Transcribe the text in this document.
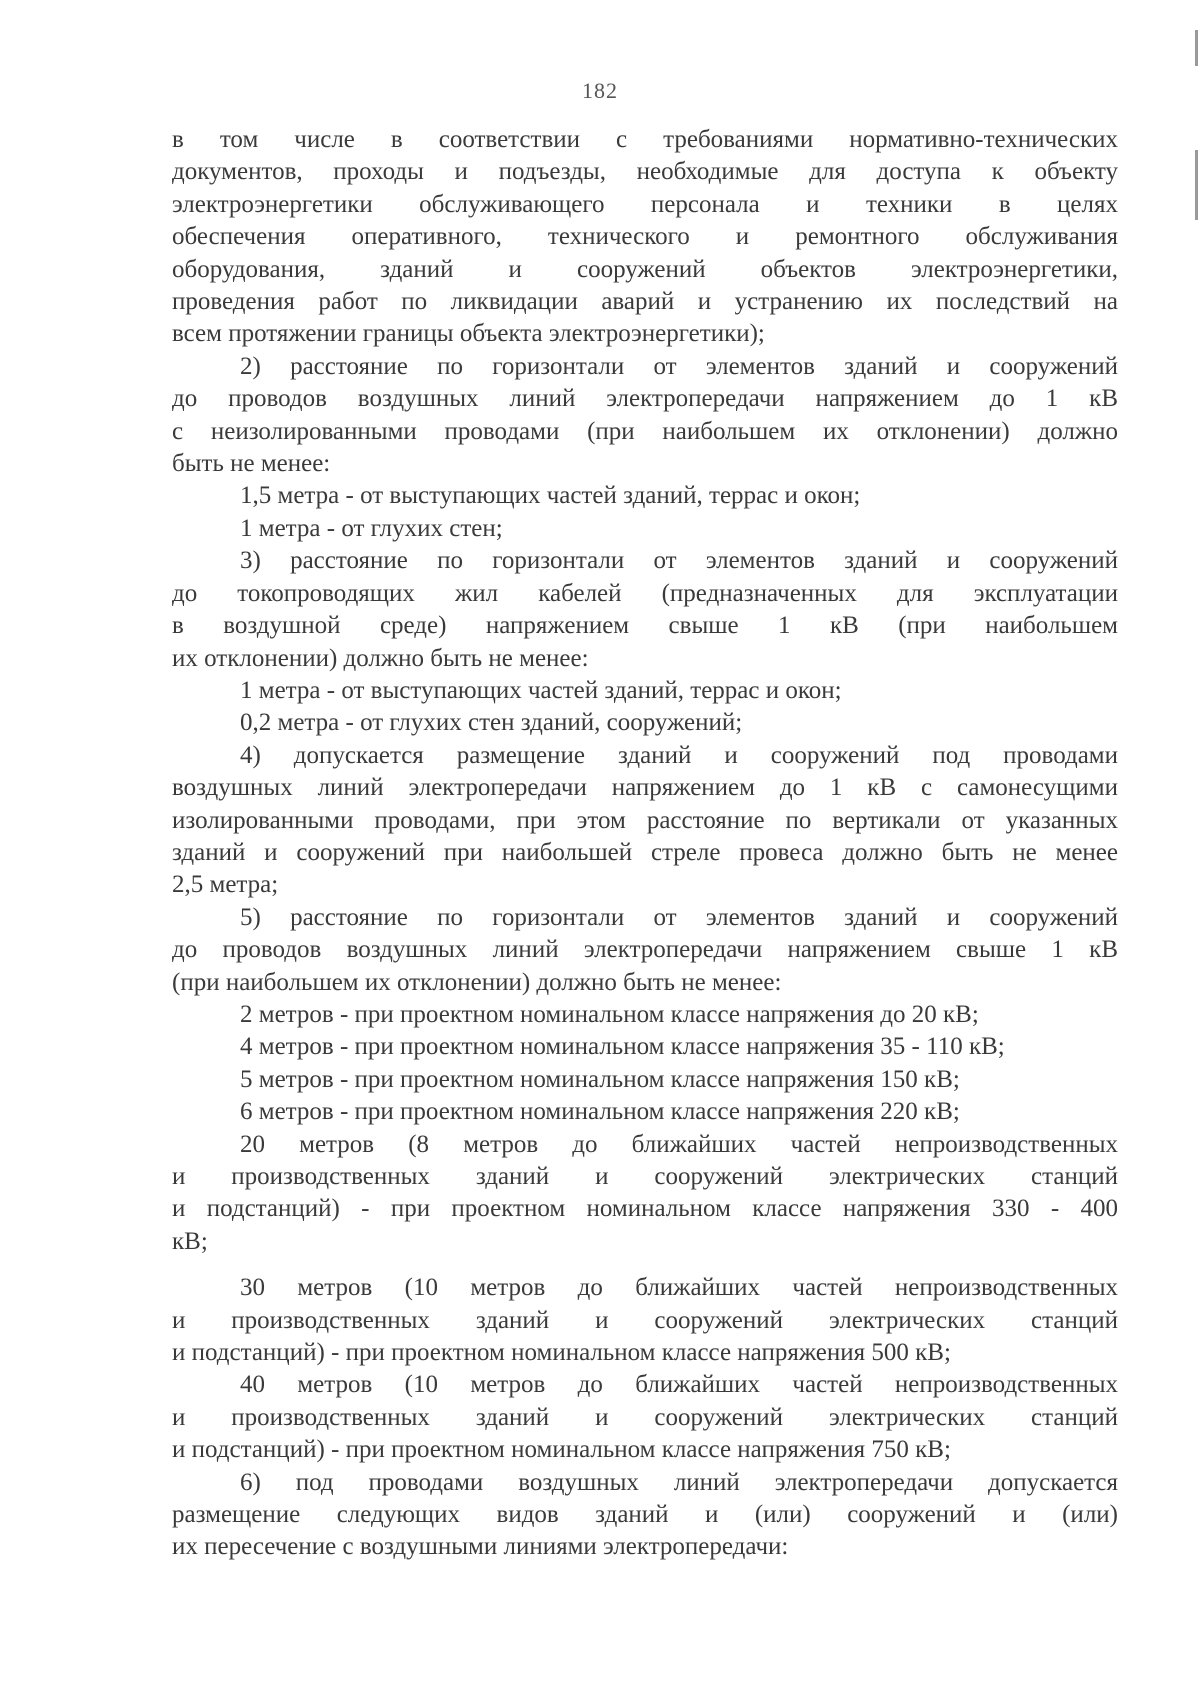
182

в том числе в соответствии с требованиями нормативно-технических

документов, проходы и подъезды, необходимые для доступа к объекту

электроэнергетики обслуживающего персонала и техники в целях

обеспечения оперативного, технического и ремонтного обслуживания

оборудования, зданий и сооружений объектов электроэнергетики,

проведения работ по ликвидации аварий и устранению их последствий на

всем протяжении границы объекта электроэнергетики);

2) расстояние по горизонтали от элементов зданий и сооружений

до проводов воздушных линий электропередачи напряжением до 1 кВ

с неизолированными проводами (при наибольшем их отклонении) должно

быть не менее:

1,5 метра - от выступающих частей зданий, террас и окон;

1 метра - от глухих стен;

3) расстояние по горизонтали от элементов зданий и сооружений

до токопроводящих жил кабелей (предназначенных для эксплуатации

в воздушной среде) напряжением свыше 1 кВ (при наибольшем

их отклонении) должно быть не менее:

1 метра - от выступающих частей зданий, террас и окон;

0,2 метра - от глухих стен зданий, сооружений;

4) допускается размещение зданий и сооружений под проводами

воздушных линий электропередачи напряжением до 1 кВ с самонесущими

изолированными проводами, при этом расстояние по вертикали от указанных

зданий и сооружений при наибольшей стреле провеса должно быть не менее

2,5 метра;

5) расстояние по горизонтали от элементов зданий и сооружений

до проводов воздушных линий электропередачи напряжением свыше 1 кВ

(при наибольшем их отклонении) должно быть не менее:

2 метров - при проектном номинальном классе напряжения до 20 кВ;

4 метров - при проектном номинальном классе напряжения 35 - 110 кВ;

5 метров - при проектном номинальном классе напряжения 150 кВ;

6 метров - при проектном номинальном классе напряжения 220 кВ;

20 метров (8 метров до ближайших частей непроизводственных

и производственных зданий и сооружений электрических станций

и подстанций) - при проектном номинальном классе напряжения 330 - 400

кВ;

30 метров (10 метров до ближайших частей непроизводственных

и производственных зданий и сооружений электрических станций

и подстанций) - при проектном номинальном классе напряжения 500 кВ;

40 метров (10 метров до ближайших частей непроизводственных

и производственных зданий и сооружений электрических станций

и подстанций) - при проектном номинальном классе напряжения 750 кВ;

6) под проводами воздушных линий электропередачи допускается

размещение следующих видов зданий и (или) сооружений и (или)

их пересечение с воздушными линиями электропередачи:
